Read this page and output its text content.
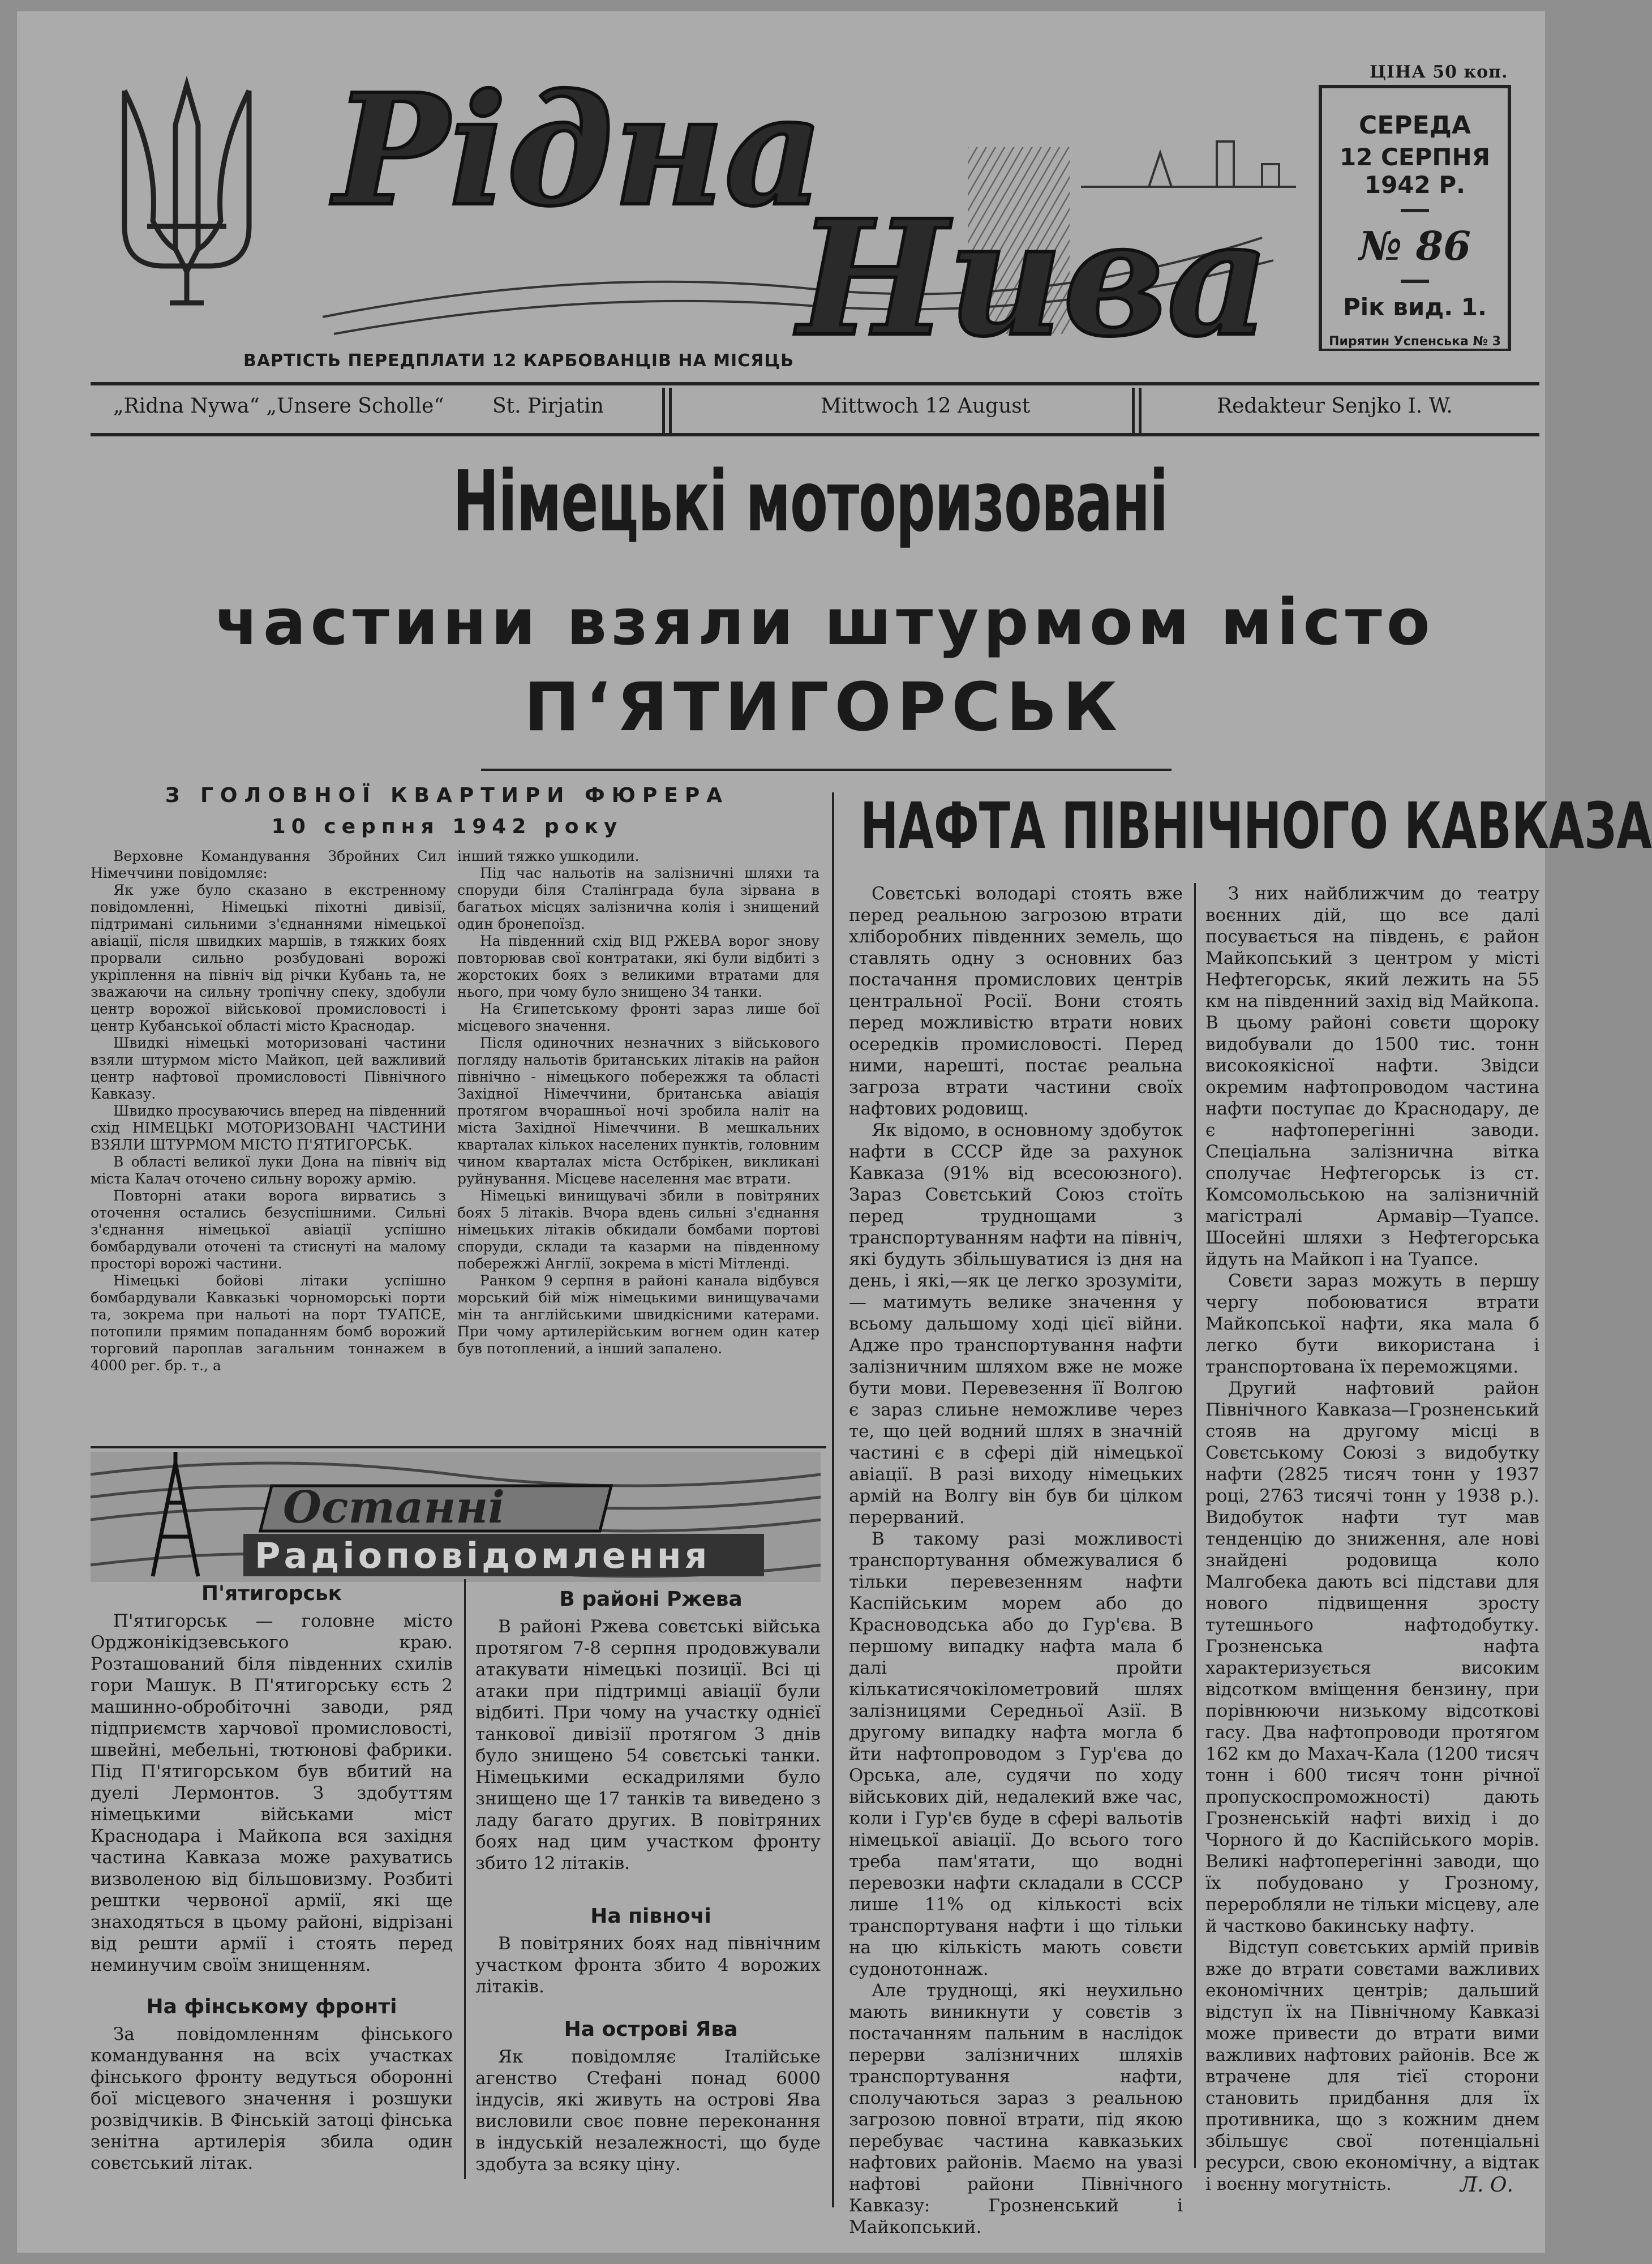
Рідна
Нива
ЦІНА 50 коп.
СЕРЕДА
12 СЕРПНЯ 1942 Р.
№ 86
Рік вид. 1.
Пирятин Успенська № 3
ВАРТІСТЬ ПЕРЕДПЛАТИ 12 КАРБОВАНЦІВ НА МІСЯЦЬ
„Ridna Nywa“ „Unsere Scholle“ St. Pirjatin	Mittwoch 12 August	Redakteur Senjko I. W.
Німецькі моторизовані
частини взяли штурмом місто
П‘ЯТИГОРСЬК
З ГОЛОВНОЇ КВАРТИРИ ФЮРЕРА
10 серпня 1942 року

Верховне Командування Збройних Сил Німеччини повідомляє:

Як уже було сказано в екстренному повідомленні, Німецькі піхотні дивізії, підтримані сильними з'єднаннями німецької авіації, після швидких маршів, в тяжких боях прорвали сильно розбудовані ворожі укріплення на північ від річки Кубань та, не зважаючи на сильну тропічну спеку, здобули центр ворожої військової промисловості і центр Кубанської області місто Краснодар.

Швидкі німецькі моторизовані частини взяли штурмом місто Майкоп, цей важливий центр нафтової промисловості Північного Кавказу.

Швидко просуваючись вперед на південний схід НІМЕЦЬКІ МОТОРИЗОВАНІ ЧАСТИНИ ВЗЯЛИ ШТУРМОМ МІСТО П'ЯТИГОРСЬК.

В області великої луки Дона на північ від міста Калач оточено сильну ворожу армію.

Повторні атаки ворога вирватись з оточення остались безуспішними. Сильні з'єднання німецької авіації успішно бомбардували оточені та стиснуті на малому просторі ворожі частини.

Німецькі бойові літаки успішно бомбардували Кавказькі чорноморські порти та, зокрема при нальоті на порт ТУАПСЕ, потопили прямим попаданням бомб ворожий торговий пароплав загальним тоннажем в 4000 рег. бр. т., а

інший тяжко ушкодили.

Під час нальотів на залізничні шляхи та споруди біля Сталінграда була зірвана в багатьох місцях залізнична колія і знищений один бронепоїзд.

На південний схід ВІД РЖЕВА ворог знову повторював свої контратаки, які були відбиті з жорстоких боях з великими втратами для нього, при чому було знищено 34 танки.

На Єгипетському фронті зараз лише бої місцевого значення.

Після одиночних незначних з військового погляду нальотів британських літаків на район північно - німецького побережжя та області Західної Німеччини, британська авіація протягом вчорашньої ночі зробила наліт на міста Західної Німеччини. В мешкальних кварталах кількох населених пунктів, головним чином кварталах міста Остбрікен, викликані руйнування. Місцеве населення має втрати.

Німецькі винищувачі збили в повітряних боях 5 літаків. Вчора вдень сильні з'єднання німецьких літаків обкидали бомбами портові споруди, склади та казарми на південному побережжі Англії, зокрема в місті Мітленді.

Ранком 9 серпня в районі канала відбувся морський бій між німецькими винищувачами мін та англійськими швидкісними катерами. При чому артилерійським вогнем один катер був потоплений, а інший запалено.

НАФТА ПІВНІЧНОГО КАВКАЗА

Совєтські володарі стоять вже перед реальною загрозою втрати хліборобних південних земель, що ставлять одну з основних баз постачання промислових центрів центральної Росії. Вони стоять перед можливістю втрати нових осередків промисловості. Перед ними, нарешті, постає реальна загроза втрати частини своїх нафтових родовищ.

Як відомо, в основному здобуток нафти в СССР йде за рахунок Кавказа (91% від всесоюзного). Зараз Совєтський Союз стоїть перед труднощами з транспортуванням нафти на північ, які будуть збільшуватися із дня на день, і які,—як це легко зрозуміти, — матимуть велике значення у всьому дальшому ході цієї війни. Адже про транспортування нафти залізничним шляхом вже не може бути мови. Перевезення її Волгою є зараз слиьне неможливе через те, що цей водний шлях в значній частині є в сфері дій німецької авіації. В разі виходу німецьких армій на Волгу він був би цілком перерваний.

В такому разі можливості транспортування обмежувалися б тільки перевезенням нафти Каспійським морем або до Красноводська або до Гур'єва. В першому випадку нафта мала б далі пройти кількатисячокілометровий шлях залізницями Середньої Азії. В другому випадку нафта могла б йти нафтопроводом з Гур'єва до Орська, але, судячи по ходу військових дій, недалекий вже час, коли і Гур'єв буде в сфері вальотів німецької авіації. До всього того треба пам'ятати, що водні перевозки нафти складали в СССР лише 11% од кількості всіх транспортуваня нафти і що тільки на цю кількість мають совєти судонотоннаж.

Але труднощі, які неухильно мають виникнути у совєтів з постачанням пальним в наслідок перерви залізничних шляхів транспортування нафти, сполучаються зараз з реальною загрозою повної втрати, під якою перебуває частина кавказьких нафтових районів. Маємо на увазі нафтові райони Північного Кавказу: Грозненський і Майкопський.

З них найближчим до театру воєнних дій, що все далі посувається на південь, є район Майкопський з центром у місті Нефтегорськ, який лежить на 55 км на південний захід від Майкопа. В цьому районі совєти щороку видобували до 1500 тис. тонн високоякісної нафти. Звідси окремим нафтопроводом частина нафти поступає до Краснодару, де є нафтоперегінні заводи. Спеціальна залізнична вітка сполучає Нефтегорськ із ст. Комсомольською на залізничній магістралі Армавір—Туапсе. Шосейні шляхи з Нефтегорська йдуть на Майкоп і на Туапсе.

Совєти зараз можуть в першу чергу побоюватися втрати Майкопської нафти, яка мала б легко бути використана і транспортована їх переможцями.

Другий нафтовий район Північного Кавказа—Грозненський стояв на другому місці в Совєтському Союзі з видобутку нафти (2825 тисяч тонн у 1937 році, 2763 тисячі тонн у 1938 р.). Видобуток нафти тут мав тенденцію до зниження, але нові знайдені родовища коло Малгобека дають всі підстави для нового підвищення зросту тутешнього нафтодобутку. Грозненська нафта характеризується високим відсотком вміщення бензину, при порівнюючи низькому відсоткові гасу. Два нафтопроводи протягом 162 км до Махач-Кала (1200 тисяч тонн і 600 тисяч тонн річної пропускоспроможності) дають Грозненській нафті вихід і до Чорного й до Каспійського морів. Великі нафтоперегінні заводи, що їх побудовано у Грозному, переробляли не тільки місцеву, але й частково бакинську нафту.

Відступ совєтських армій привів вже до втрати совєтами важливих економічних центрів; дальший відступ їх на Північному Кавказі може привести до втрати вими важливих нафтових районів. Все ж втрачене для тієї сторони становить придбання для їх противника, що з кожним днем збільшує свої потенціальні ресурси, свою економічну, а відтак і воєнну могутність.	Л. О.
Останні
Радіоповідомлення
П'ятигорськ

П'ятигорськ — головне місто Орджонікідзевського краю. Розташований біля південних схилів гори Машук. В П'ятигорську єсть 2 машинно-обробіточні заводи, ряд підприємств харчової промисловості, швейні, мебельні, тютюнові фабрики. Під П'ятигорськом був вбитий на дуелі Лермонтов. З здобуттям німецькими військами міст Краснодара і Майкопа вся західня частина Кавказа може рахуватись визволеною від більшовизму. Розбиті рештки червоної армії, які ще знаходяться в цьому районі, відрізані від решти армії і стоять перед неминучим своїм знищенням.

На фінському фронті

За повідомленням фінського командування на всіх участках фінського фронту ведуться оборонні бої місцевого значення і розшуки розвідчиків. В Фінській затоці фінська зенітна артилерія збила один совєтський літак.

В районі Ржева

В районі Ржева совєтські війська протягом 7-8 серпня продовжували атакувати німецькі позиції. Всі ці атаки при підтримці авіації були відбиті. При чому на участку однієї танкової дивізії протягом 3 днів було знищено 54 совєтські танки. Німецькими ескадрилями було знищено ще 17 танків та виведено з ладу багато других. В повітряних боях над цим участком фронту збито 12 літаків.

На півночі

В повітряних боях над північним участком фронта збито 4 ворожих літаків.

На острові Ява

Як повідомляє Італійське агенство Стефані понад 6000 індусів, які живуть на острові Ява висловили своє повне переконання в індуській незалежності, що буде здобута за всяку ціну.
